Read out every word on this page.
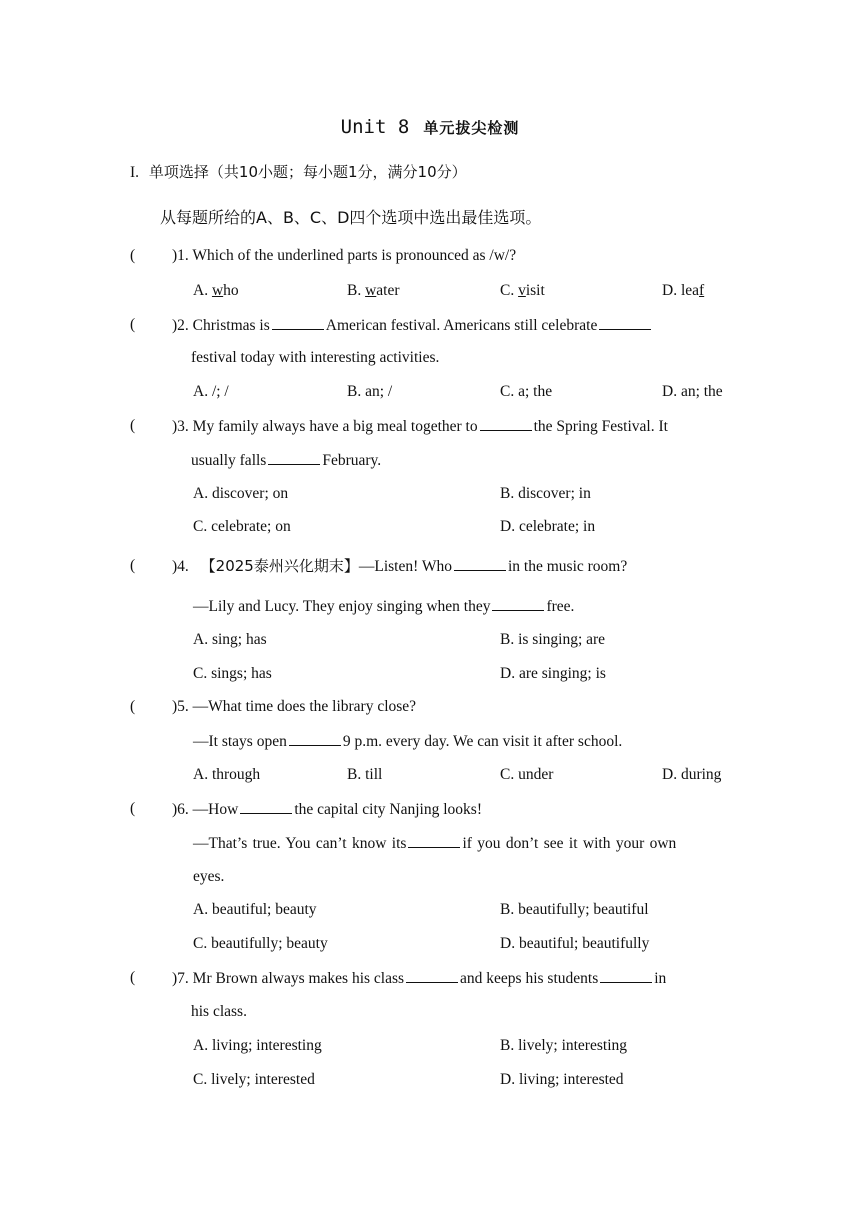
Unit 8 单元拔尖检测
I. 单项选择（共10小题；每小题1分，满分10分）
从每题所给的A、B、C、D四个选项中选出最佳选项。
( )1. Which of the underlined parts is pronounced as /w/?
A. who	B. water	C. visit	D. leaf
( )2. Christmas is	American festival. Americans still celebrate
festival today with interesting activities.
A. /; /	B. an; /	C. a; the	D. an; the
( )3. My family always have a big meal together to	the Spring Festival. It
usually falls	February.
A. discover; on	B. discover; in
C. celebrate; on	D. celebrate; in
( )4. 【2025泰州兴化期末】—Listen! Who	in the music room?
—Lily and Lucy. They enjoy singing when they	free.
A. sing; has	B. is singing; are
C. sings; has	D. are singing; is
( )5. —What time does the library close?
—It stays open	9 p.m. every day. We can visit it after school.
A. through	B. till	C. under	D. during
( )6. —How	the capital city Nanjing looks!
—That’s true. You can’t know its	if you don’t see it with your own
eyes.
A. beautiful; beauty	B. beautifully; beautiful
C. beautifully; beauty	D. beautiful; beautifully
( )7. Mr Brown always makes his class	and keeps his students	in
his class.
A. living; interesting	B. lively; interesting
C. lively; interested	D. living; interested
